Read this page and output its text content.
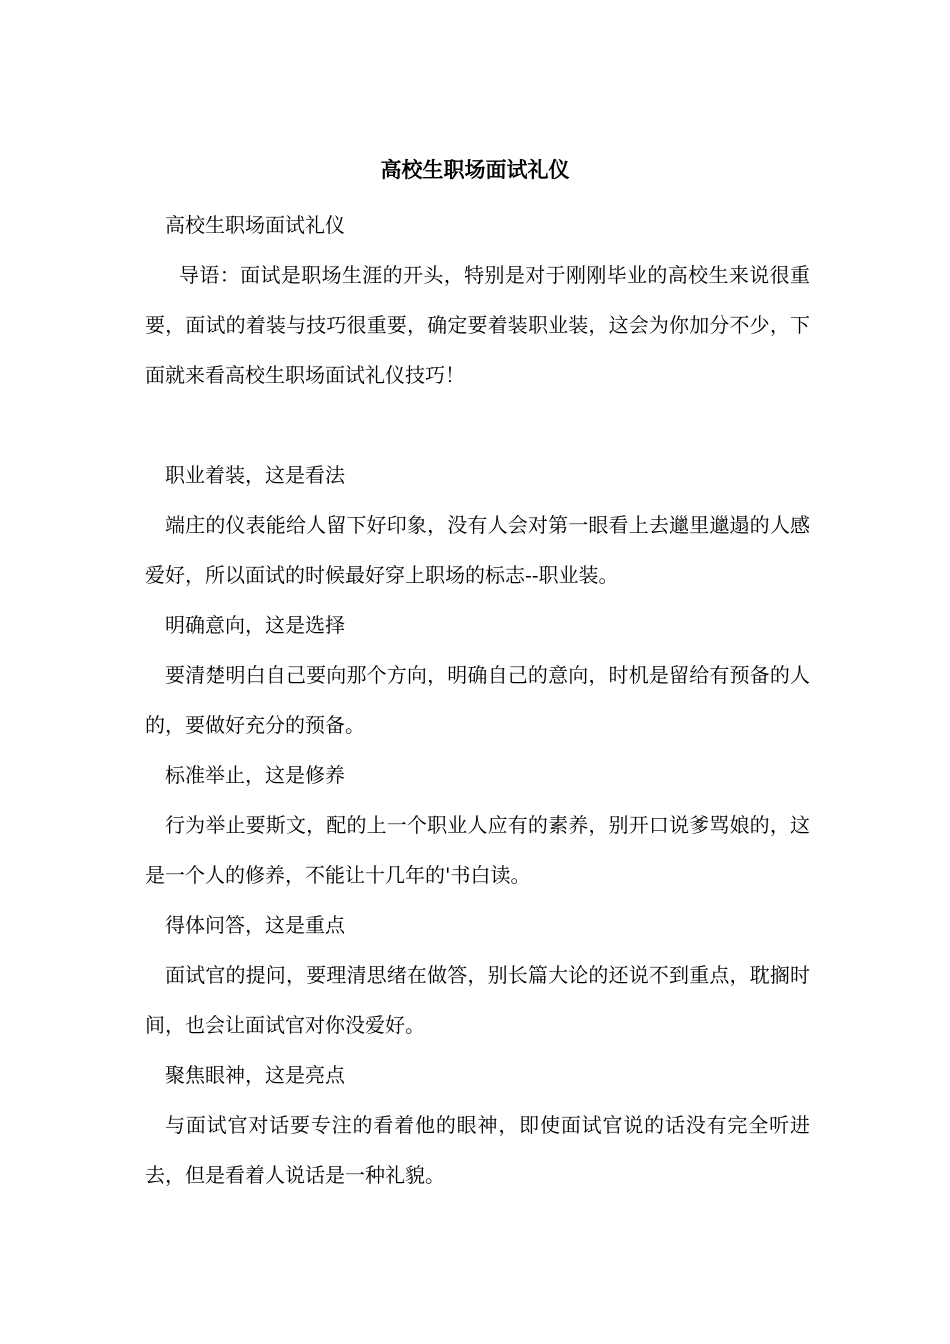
高校生职场面试礼仪

高校生职场面试礼仪

导语：面试是职场生涯的开头，特别是对于刚刚毕业的高校生来说很重要，面试的着装与技巧很重要，确定要着装职业装，这会为你加分不少，下面就来看高校生职场面试礼仪技巧！

职业着装，这是看法

端庄的仪表能给人留下好印象，没有人会对第一眼看上去邋里邋遢的人感爱好，所以面试的时候最好穿上职场的标志--职业装。

明确意向，这是选择

要清楚明白自己要向那个方向，明确自己的意向，时机是留给有预备的人的，要做好充分的预备。

标准举止，这是修养

行为举止要斯文，配的上一个职业人应有的素养，别开口说爹骂娘的，这是一个人的修养，不能让十几年的'书白读。

得体问答，这是重点

面试官的提问，要理清思绪在做答，别长篇大论的还说不到重点，耽搁时间，也会让面试官对你没爱好。

聚焦眼神，这是亮点

与面试官对话要专注的看着他的眼神，即使面试官说的话没有完全听进去，但是看着人说话是一种礼貌。
